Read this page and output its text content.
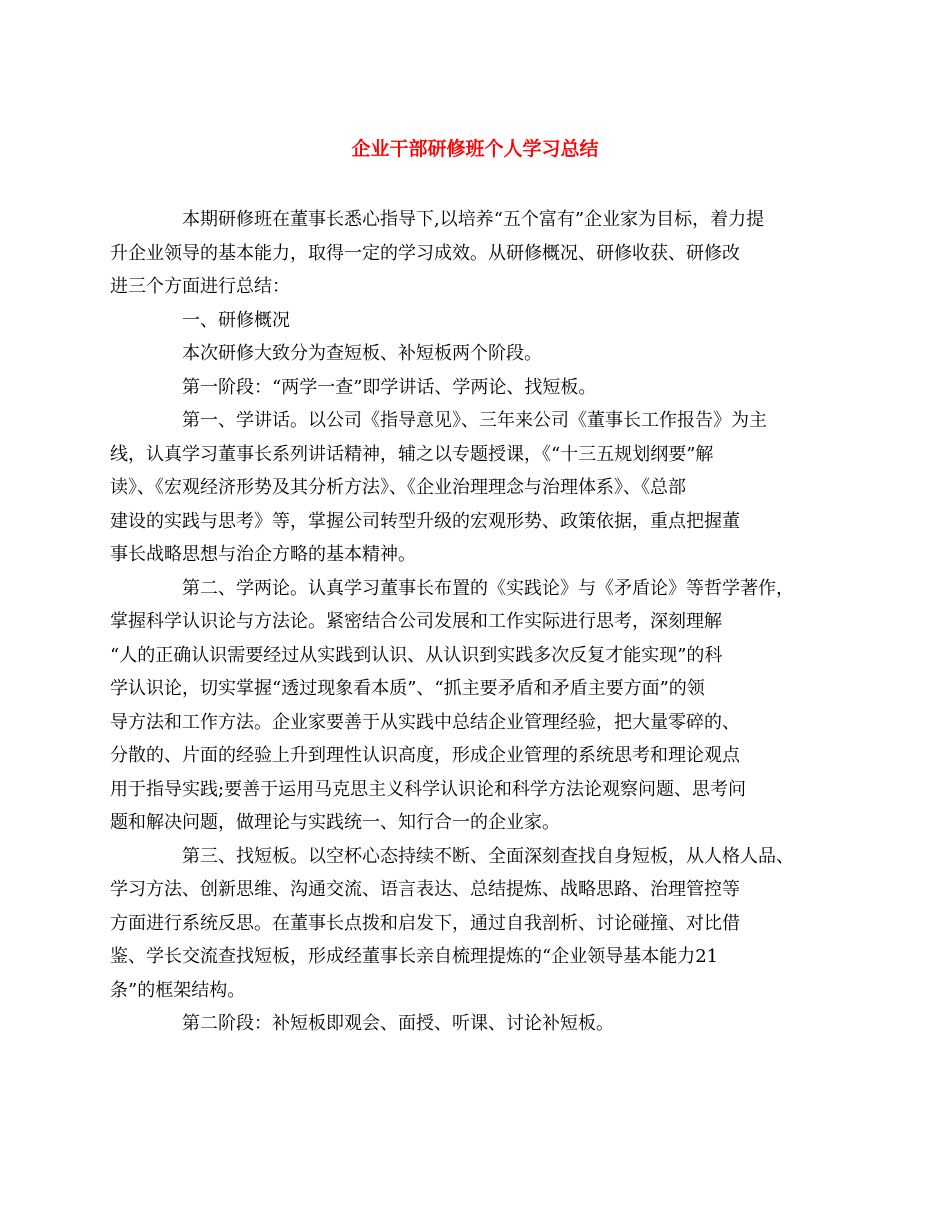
企业干部研修班个人学习总结
本期研修班在董事长悉心指导下,以培养“五个富有”企业家为目标，着力提
升企业领导的基本能力，取得一定的学习成效。从研修概况、研修收获、研修改
进三个方面进行总结：
一、研修概况
本次研修大致分为查短板、补短板两个阶段。
第一阶段：“两学一查”即学讲话、学两论、找短板。
第一、学讲话。以公司《指导意见》、三年来公司《董事长工作报告》为主
线，认真学习董事长系列讲话精神，辅之以专题授课，《“十三五规划纲要”解
读》、《宏观经济形势及其分析方法》、《企业治理理念与治理体系》、《总部
建设的实践与思考》等，掌握公司转型升级的宏观形势、政策依据，重点把握董
事长战略思想与治企方略的基本精神。
第二、学两论。认真学习董事长布置的《实践论》与《矛盾论》等哲学著作，
掌握科学认识论与方法论。紧密结合公司发展和工作实际进行思考，深刻理解
“人的正确认识需要经过从实践到认识、从认识到实践多次反复才能实现”的科
学认识论，切实掌握“透过现象看本质”、“抓主要矛盾和矛盾主要方面”的领
导方法和工作方法。企业家要善于从实践中总结企业管理经验，把大量零碎的、
分散的、片面的经验上升到理性认识高度，形成企业管理的系统思考和理论观点
用于指导实践;要善于运用马克思主义科学认识论和科学方法论观察问题、思考问
题和解决问题，做理论与实践统一、知行合一的企业家。
第三、找短板。以空杯心态持续不断、全面深刻查找自身短板，从人格人品、
学习方法、创新思维、沟通交流、语言表达、总结提炼、战略思路、治理管控等
方面进行系统反思。在董事长点拨和启发下，通过自我剖析、讨论碰撞、对比借
鉴、学长交流查找短板，形成经董事长亲自梳理提炼的“企业领导基本能力21
条”的框架结构。
第二阶段：补短板即观会、面授、听课、讨论补短板。
